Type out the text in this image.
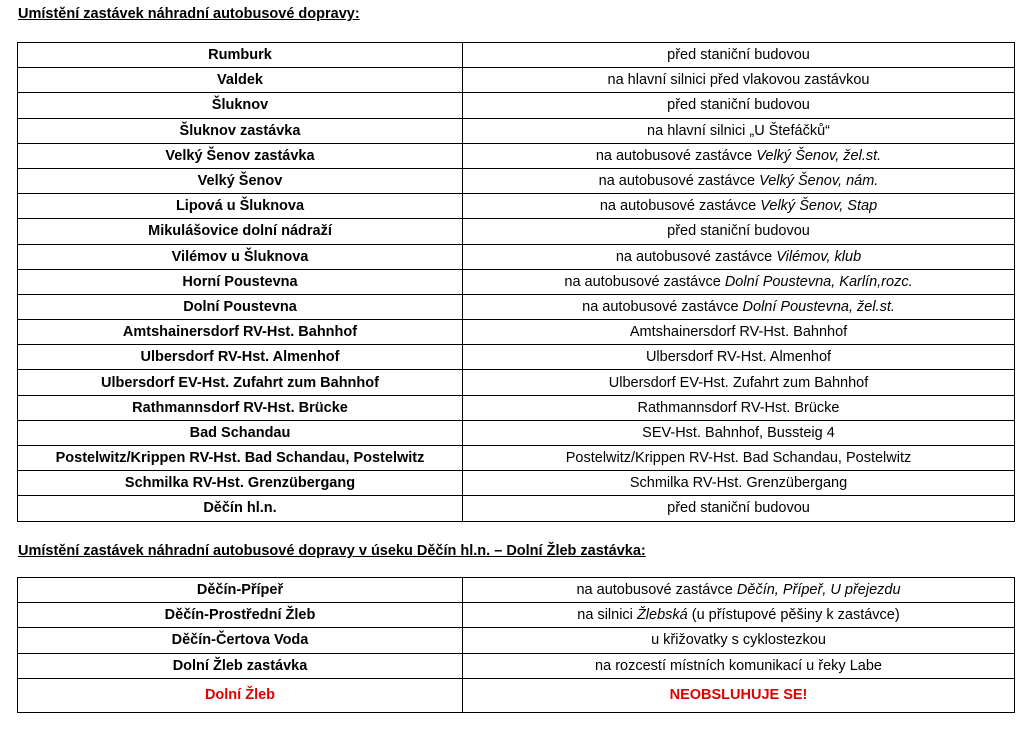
Umístění zastávek náhradní autobusové dopravy:
Rumburk	před staniční budovou
Valdek	na hlavní silnici před vlakovou zastávkou
Šluknov	před staniční budovou
Šluknov zastávka	na hlavní silnici „U Štefáčků“
Velký Šenov zastávka	na autobusové zastávce Velký Šenov, žel.st.
Velký Šenov	na autobusové zastávce Velký Šenov, nám.
Lipová u Šluknova	na autobusové zastávce Velký Šenov, Stap
Mikulášovice dolní nádraží	před staniční budovou
Vilémov u Šluknova	na autobusové zastávce Vilémov, klub
Horní Poustevna	na autobusové zastávce Dolní Poustevna, Karlín,rozc.
Dolní Poustevna	na autobusové zastávce Dolní Poustevna, žel.st.
Amtshainersdorf RV-Hst. Bahnhof	Amtshainersdorf RV-Hst. Bahnhof
Ulbersdorf RV-Hst. Almenhof	Ulbersdorf RV-Hst. Almenhof
Ulbersdorf EV-Hst. Zufahrt zum Bahnhof	Ulbersdorf EV-Hst. Zufahrt zum Bahnhof
Rathmannsdorf RV-Hst. Brücke	Rathmannsdorf RV-Hst. Brücke
Bad Schandau	SEV-Hst. Bahnhof, Bussteig 4
Postelwitz/Krippen RV-Hst. Bad Schandau, Postelwitz	Postelwitz/Krippen RV-Hst. Bad Schandau, Postelwitz
Schmilka RV-Hst. Grenzübergang	Schmilka RV-Hst. Grenzübergang
Děčín hl.n.	před staniční budovou
Umístění zastávek náhradní autobusové dopravy v úseku Děčín hl.n. – Dolní Žleb zastávka:
Děčín-Přípeř	na autobusové zastávce Děčín, Přípeř, U přejezdu
Děčín-Prostřední Žleb	na silnici Žlebská (u přístupové pěšiny k zastávce)
Děčín-Čertova Voda	u křižovatky s cyklostezkou
Dolní Žleb zastávka	na rozcestí místních komunikací u řeky Labe
Dolní Žleb	NEOBSLUHUJE SE!
